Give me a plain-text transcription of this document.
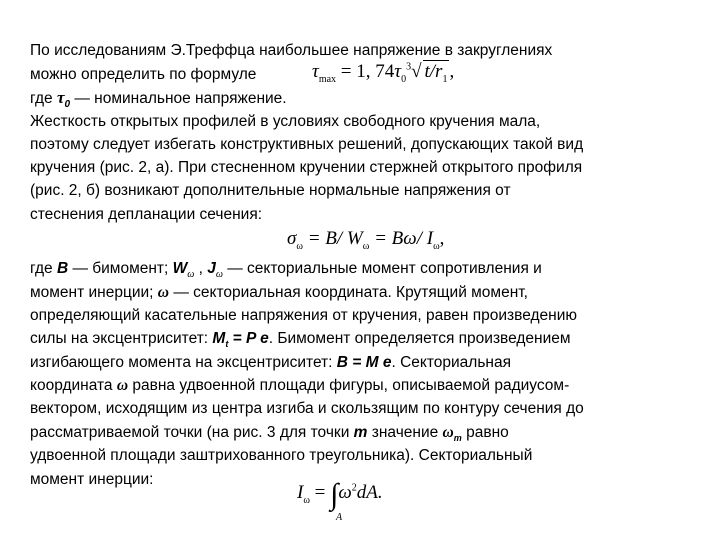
По исследованиям Э.Треффца наибольшее напряжение в закруглениях
можно определить по формуле	$\tau_{max} = 1$, $74\tau_0^3√$ $t/r_1$ ,
где $\tau_0$ — номинальное напряжение.
Жесткость открытых профилей в условиях свободного кручения мала,
поэтому следует избегать конструктивных решений, допускающих такой вид
кручения (рис. 2, а). При стесненном кручении стержней открытого профиля
(рис. 2, б) возникают дополнительные нормальные напряжения от
стеснения депланации сечения:
$\sigma_\omega = B/$ $W_\omega = B\omega/$ $I_\omega$,
где B — бимомент; $W_\omega$ , $J_\omega$ — секториальные момент сопротивления и
момент инерции; ω — секториальная координата. Крутящий момент,
определяющий касательные напряжения от кручения, равен произведению
силы на эксцентриситет: $M_t = P$ e. Бимомент определяется произведением
изгибающего момента на эксцентриситет: B = M e. Секториальная
координата ω равна удвоенной площади фигуры, описываемой радиусом-
вектором, исходящим из центра изгиба и скользящим по контуру сечения до
рассматриваемой точки (на рис. 3 для точки m значение $\omega_m$ равно
удвоенной площади заштрихованного треугольника). Секториальный
момент инерции:
$I_\omega = \int\omega^2dA$.
A
